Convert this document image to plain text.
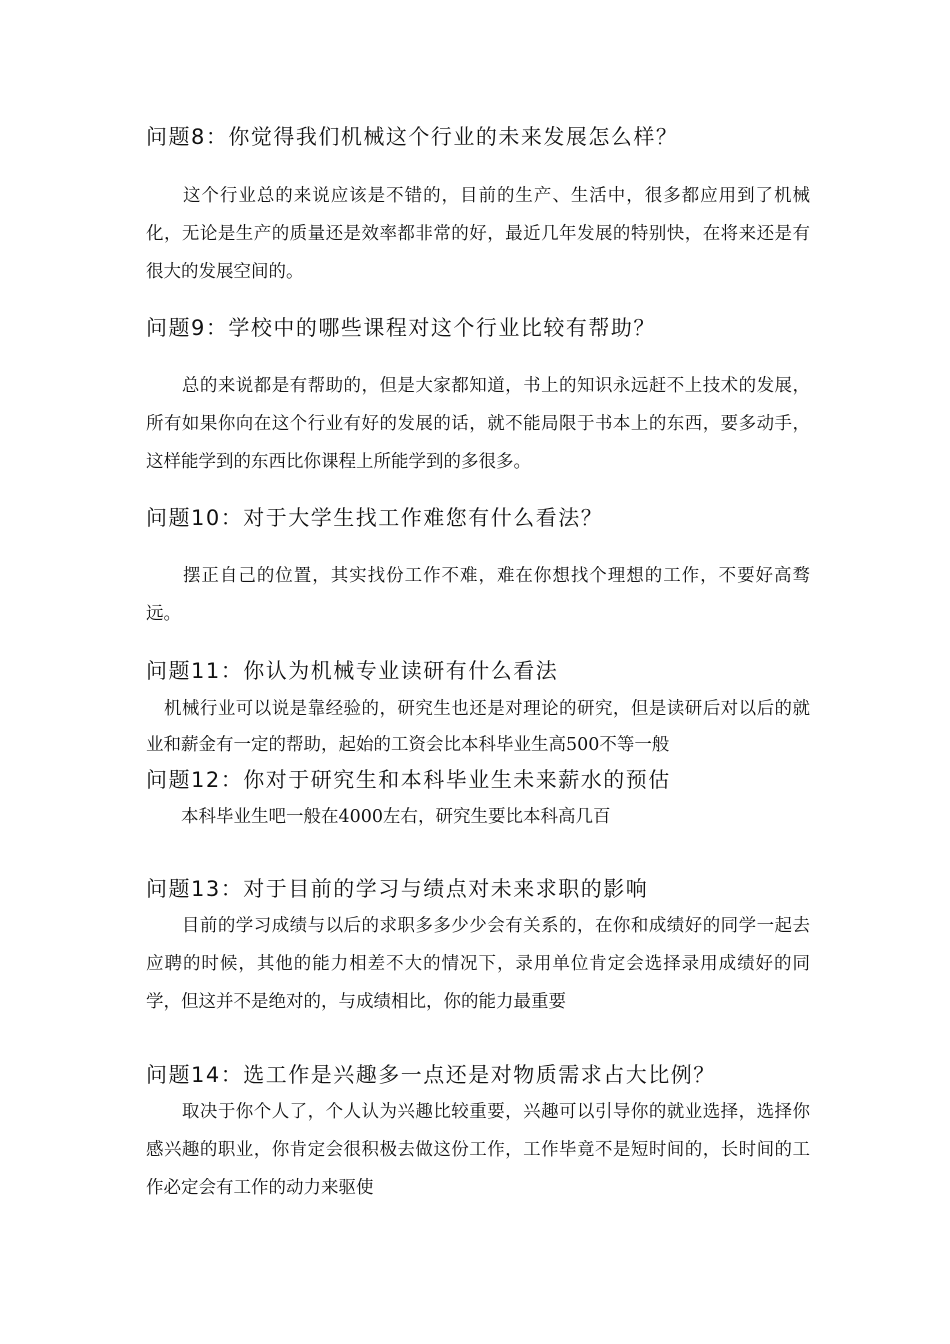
问题8：你觉得我们机械这个行业的未来发展怎么样？
　　这个行业总的来说应该是不错的，目前的生产、生活中，很多都应用到了机械化，无论是生产的质量还是效率都非常的好，最近几年发展的特别快，在将来还是有很大的发展空间的。
问题9：学校中的哪些课程对这个行业比较有帮助？
　　总的来说都是有帮助的，但是大家都知道，书上的知识永远赶不上技术的发展，所有如果你向在这个行业有好的发展的话，就不能局限于书本上的东西，要多动手，这样能学到的东西比你课程上所能学到的多很多。
问题10：对于大学生找工作难您有什么看法？
　　摆正自己的位置，其实找份工作不难，难在你想找个理想的工作，不要好高骛远。
问题11：你认为机械专业读研有什么看法
　机械行业可以说是靠经验的，研究生也还是对理论的研究，但是读研后对以后的就业和薪金有一定的帮助，起始的工资会比本科毕业生高500不等一般
问题12：你对于研究生和本科毕业生未来薪水的预估
　　本科毕业生吧一般在4000左右，研究生要比本科高几百
问题13：对于目前的学习与绩点对未来求职的影响
　　目前的学习成绩与以后的求职多多少少会有关系的，在你和成绩好的同学一起去应聘的时候，其他的能力相差不大的情况下，录用单位肯定会选择录用成绩好的同学，但这并不是绝对的，与成绩相比，你的能力最重要
问题14：选工作是兴趣多一点还是对物质需求占大比例？
　　取决于你个人了，个人认为兴趣比较重要，兴趣可以引导你的就业选择，选择你感兴趣的职业，你肯定会很积极去做这份工作，工作毕竟不是短时间的，长时间的工作必定会有工作的动力来驱使
